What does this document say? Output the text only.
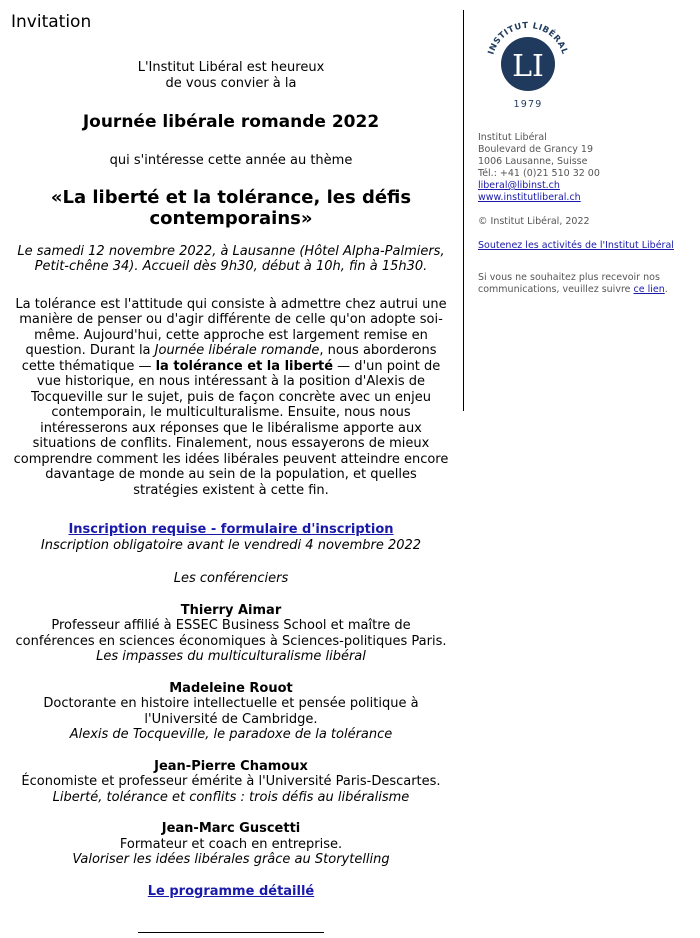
Invitation

L'Institut Libéral est heureux

de vous convier à la

Journée libérale romande 2022

qui s'intéresse cette année au thème

«La liberté et la tolérance, les défis contemporains»

Le samedi 12 novembre 2022, à Lausanne (Hôtel Alpha-Palmiers, Petit-chêne 34). Accueil dès 9h30, début à 10h, fin à 15h30.

La tolérance est l'attitude qui consiste à admettre chez autrui une manière de penser ou d'agir différente de celle qu'on adopte soi-même. Aujourd'hui, cette approche est largement remise en question. Durant la Journée libérale romande, nous aborderons cette thématique — la tolérance et la liberté — d'un point de vue historique, en nous intéressant à la position d'Alexis de Tocqueville sur le sujet, puis de façon concrète avec un enjeu contemporain, le multiculturalisme. Ensuite, nous nous intéresserons aux réponses que le libéralisme apporte aux situations de conflits. Finalement, nous essayerons de mieux comprendre comment les idées libérales peuvent atteindre encore davantage de monde au sein de la population, et quelles stratégies existent à cette fin.

Inscription requise - formulaire d'inscription

Inscription obligatoire avant le vendredi 4 novembre 2022

Les conférenciers

Thierry Aimar
Professeur affilié à ESSEC Business School et maître de conférences en sciences économiques à Sciences-politiques Paris.
Les impasses du multiculturalisme libéral
Madeleine Rouot
Doctorante en histoire intellectuelle et pensée politique à l'Université de Cambridge.
Alexis de Tocqueville, le paradoxe de la tolérance
Jean-Pierre Chamoux
Économiste et professeur émérite à l'Université Paris-Descartes.
Liberté, tolérance et conflits : trois défis au libéralisme
Jean-Marc Guscetti
Formateur et coach en entreprise.
Valoriser les idées libérales grâce au Storytelling
Le programme détaillé
INSTITUT LIBÉRAL
LI
1979

Institut Libéral

Boulevard de Grancy 19

1006 Lausanne, Suisse

Tél.: +41 (0)21 510 32 00

liberal@libinst.ch

www.institutliberal.ch

© Institut Libéral, 2022

Soutenez les activités de l'Institut Libéral

Si vous ne souhaitez plus recevoir nos communications, veuillez suivre ce lien.
